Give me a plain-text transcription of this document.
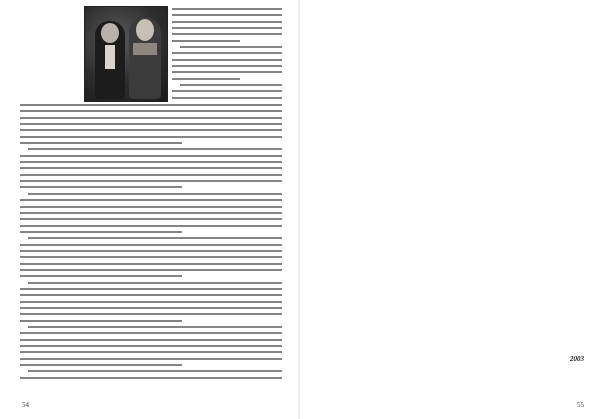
54
2003
55
